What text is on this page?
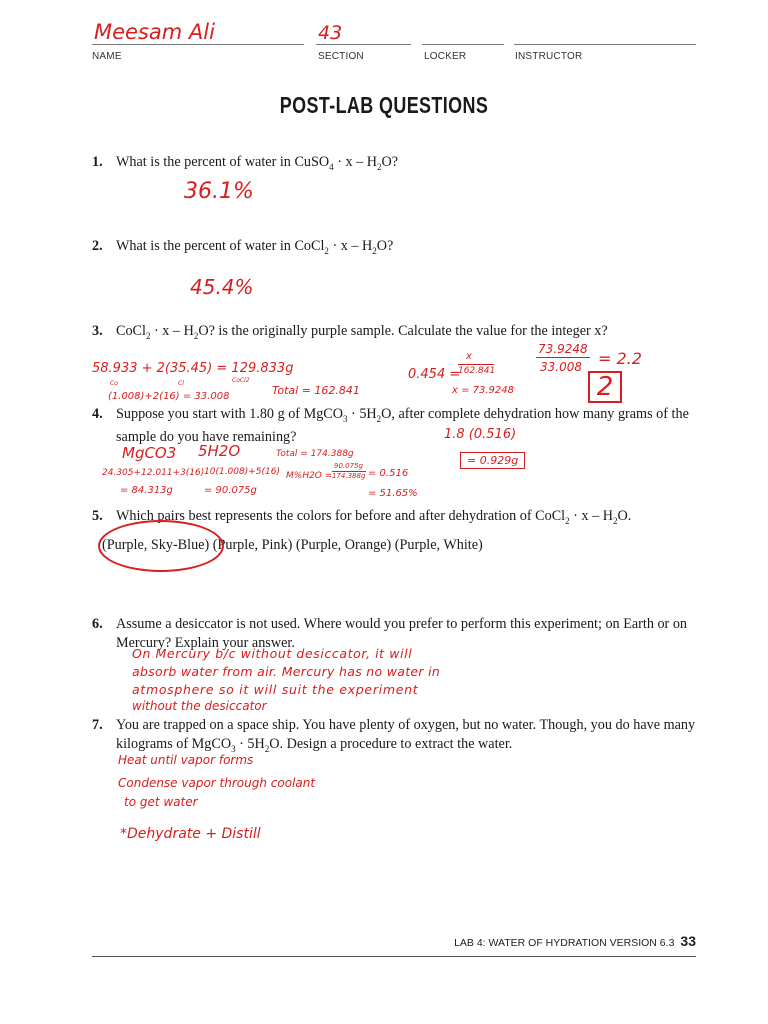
Meesam Ali	43
NAME	SECTION	LOCKER	INSTRUCTOR
POST-LAB QUESTIONS
1. What is the percent of water in CuSO$_4$ · x – $H_2O$?
36.1%
2. What is the percent of water in CoCl$_2$ · x – $H_2O$?
45.4%
3. CoCl$_2$ · x – $H_2O$? is the originally purple sample. Calculate the value for the integer x?
58.933 + 2(35.45) = 129.833g
Co	Cl	CoCl2
(1.008)+2(16) = 33.008	Total = 162.841
x
0.454 =
162.841
x = 73.9248
73.9248
33.008 = 2.2
2
4. Suppose you start with 1.80 g of MgCO$_3$ · $5H_2O$, after complete dehydration how many grams of the sample do you have remaining?
MgCO3 5H2O	Total = 174.388g
24.305+12.011+3(16)
= 84.313g
10(1.008)+5(16)
= 90.075g
M%H2O =
90.075g
174.388g = 0.516
= 51.65%
1.8 (0.516)
= 0.929g
5. Which pairs best represents the colors for before and after dehydration of CoCl$_2$ · x – $H_2O$.
(Purple, Sky-Blue) (Purple, Pink) (Purple, Orange) (Purple, White)
6. Assume a desiccator is not used. Where would you prefer to perform this experiment; on Earth or on Mercury? Explain your answer.
On Mercury b/c without desiccator, it will
absorb water from air. Mercury has no water in
atmosphere so it will suit the experiment
without the desiccator
7. You are trapped on a space ship. You have plenty of oxygen, but no water. Though, you do have many kilograms of MgCO$_3$ · $5H_2O$. Design a procedure to extract the water.
Heat until vapor forms
Condense vapor through coolant
to get water
*Dehydrate + Distill
LAB 4: WATER OF HYDRATION VERSION 6.3 33
